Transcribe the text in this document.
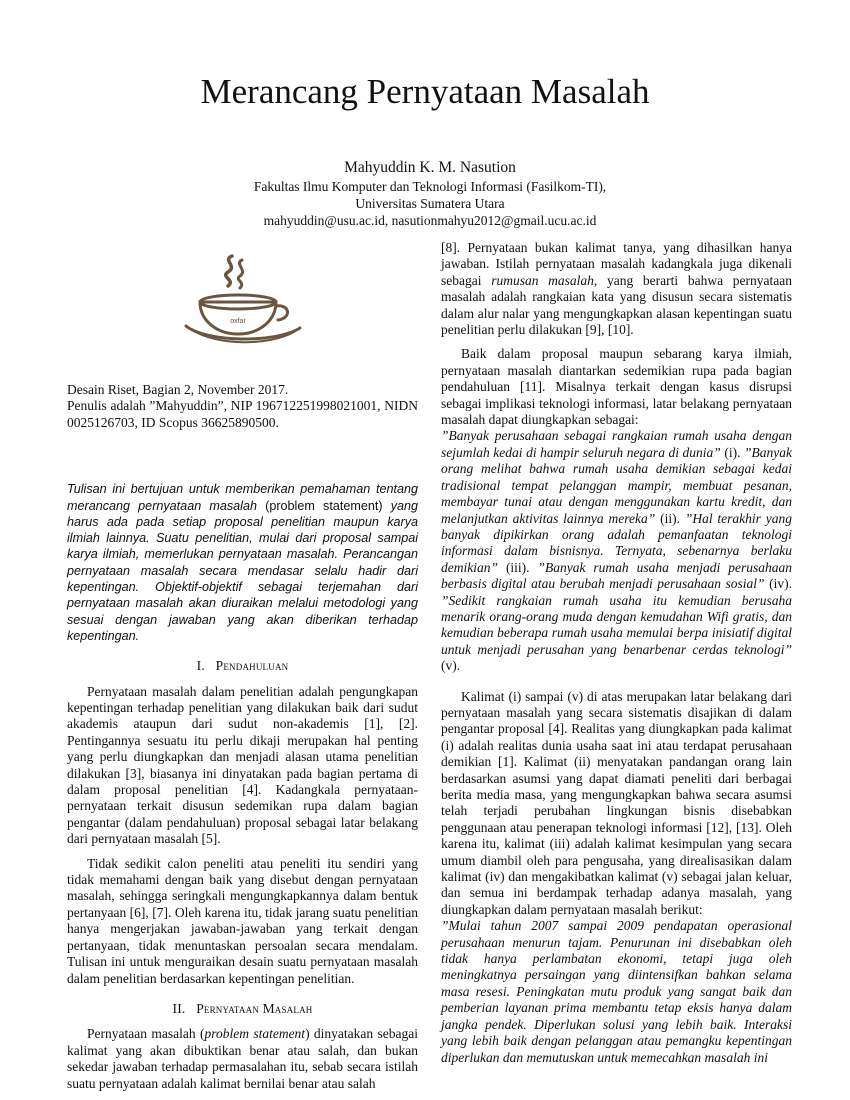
Merancang Pernyataan Masalah
Mahyuddin K. M. Nasution
Fakultas Ilmu Komputer dan Teknologi Informasi (Fasilkom-TI),
Universitas Sumatera Utara
mahyuddin@usu.ac.id, nasutionmahyu2012@gmail.ucu.ac.id
oxfar
Desain Riset, Bagian 2, November 2017.
Penulis adalah ”Mahyuddin”, NIP 196712251998021001, NIDN 0025126703, ID Scopus 36625890500.

Tulisan ini bertujuan untuk memberikan pemahaman tentang merancang pernyataan masalah (problem statement) yang harus ada pada setiap proposal penelitian maupun karya ilmiah lainnya. Suatu penelitian, mulai dari proposal sampai karya ilmiah, memerlukan pernyataan masalah. Perancangan pernyataan masalah secara mendasar selalu hadir dari kepentingan. Objektif-objektif sebagai terjemahan dari pernyataan masalah akan diuraikan melalui metodologi yang sesuai dengan jawaban yang akan diberikan terhadap kepentingan.

I. Pendahuluan

Pernyataan masalah dalam penelitian adalah pengungkapan kepentingan terhadap penelitian yang dilakukan baik dari sudut akademis ataupun dari sudut non-akademis [1], [2]. Pentingannya sesuatu itu perlu dikaji merupakan hal penting yang perlu diungkapkan dan menjadi alasan utama penelitian dilakukan [3], biasanya ini dinyatakan pada bagian pertama di dalam proposal penelitian [4]. Kadangkala pernyataan-pernyataan terkait disusun sedemikan rupa dalam bagian pengantar (dalam pendahuluan) proposal sebagai latar belakang dari pernyataan masalah [5].

Tidak sedikit calon peneliti atau peneliti itu sendiri yang tidak memahami dengan baik yang disebut dengan pernyataan masalah, sehingga seringkali mengungkapkannya dalam bentuk pertanyaan [6], [7]. Oleh karena itu, tidak jarang suatu penelitian hanya mengerjakan jawaban-jawaban yang terkait dengan pertanyaan, tidak menuntaskan persoalan secara mendalam. Tulisan ini untuk menguraikan desain suatu pernyataan masalah dalam penelitian berdasarkan kepentingan penelitian.

II. Pernyataan Masalah

Pernyataan masalah (problem statement) dinyatakan sebagai kalimat yang akan dibuktikan benar atau salah, dan bukan sekedar jawaban terhadap permasalahan itu, sebab secara istilah suatu pernyataan adalah kalimat bernilai benar atau salah

[8]. Pernyataan bukan kalimat tanya, yang dihasilkan hanya jawaban. Istilah pernyataan masalah kadangkala juga dikenali sebagai rumusan masalah, yang berarti bahwa pernyataan masalah adalah rangkaian kata yang disusun secara sistematis dalam alur nalar yang mengungkapkan alasan kepentingan suatu penelitian perlu dilakukan [9], [10].

Baik dalam proposal maupun sebarang karya ilmiah, pernyataan masalah diantarkan sedemikian rupa pada bagian pendahuluan [11]. Misalnya terkait dengan kasus disrupsi sebagai implikasi teknologi informasi, latar belakang pernyataan masalah dapat diungkapkan sebagai:

”Banyak perusahaan sebagai rangkaian rumah usaha dengan sejumlah kedai di hampir seluruh negara di dunia” (i). ”Banyak orang melihat bahwa rumah usaha demikian sebagai kedai tradisional tempat pelanggan mampir, membuat pesanan, membayar tunai atau dengan menggunakan kartu kredit, dan melanjutkan aktivitas lainnya mereka” (ii). ”Hal terakhir yang banyak dipikirkan orang adalah pemanfaatan teknologi informasi dalam bisnisnya. Ternyata, sebenarnya berlaku demikian” (iii). ”Banyak rumah usaha menjadi perusahaan berbasis digital atau berubah menjadi perusahaan sosial” (iv). ”Sedikit rangkaian rumah usaha itu kemudian berusaha menarik orang-orang muda dengan kemudahan Wifi gratis, dan kemudian beberapa rumah usaha memulai berpa inisiatif digital untuk menjadi perusahan yang benarbenar cerdas teknologi” (v).

Kalimat (i) sampai (v) di atas merupakan latar belakang dari pernyataan masalah yang secara sistematis disajikan di dalam pengantar proposal [4]. Realitas yang diungkapkan pada kalimat (i) adalah realitas dunia usaha saat ini atau terdapat perusahaan demikian [1]. Kalimat (ii) menyatakan pandangan orang lain berdasarkan asumsi yang dapat diamati peneliti dari berbagai berita media masa, yang mengungkapkan bahwa secara asumsi telah terjadi perubahan lingkungan bisnis disebabkan penggunaan atau penerapan teknologi informasi [12], [13]. Oleh karena itu, kalimat (iii) adalah kalimat kesimpulan yang secara umum diambil oleh para pengusaha, yang direalisasikan dalam kalimat (iv) dan mengakibatkan kalimat (v) sebagai jalan keluar, dan semua ini berdampak terhadap adanya masalah, yang diungkapkan dalam pernyataan masalah berikut:

”Mulai tahun 2007 sampai 2009 pendapatan operasional perusahaan menurun tajam. Penurunan ini disebabkan oleh tidak hanya perlambatan ekonomi, tetapi juga oleh meningkatnya persaingan yang diintensifkan bahkan selama masa resesi. Peningkatan mutu produk yang sangat baik dan pemberian layanan prima membantu tetap eksis hanya dalam jangka pendek. Diperlukan solusi yang lebih baik. Interaksi yang lebih baik dengan pelanggan atau pemangku kepentingan diperlukan dan memutuskan untuk memecahkan masalah ini
